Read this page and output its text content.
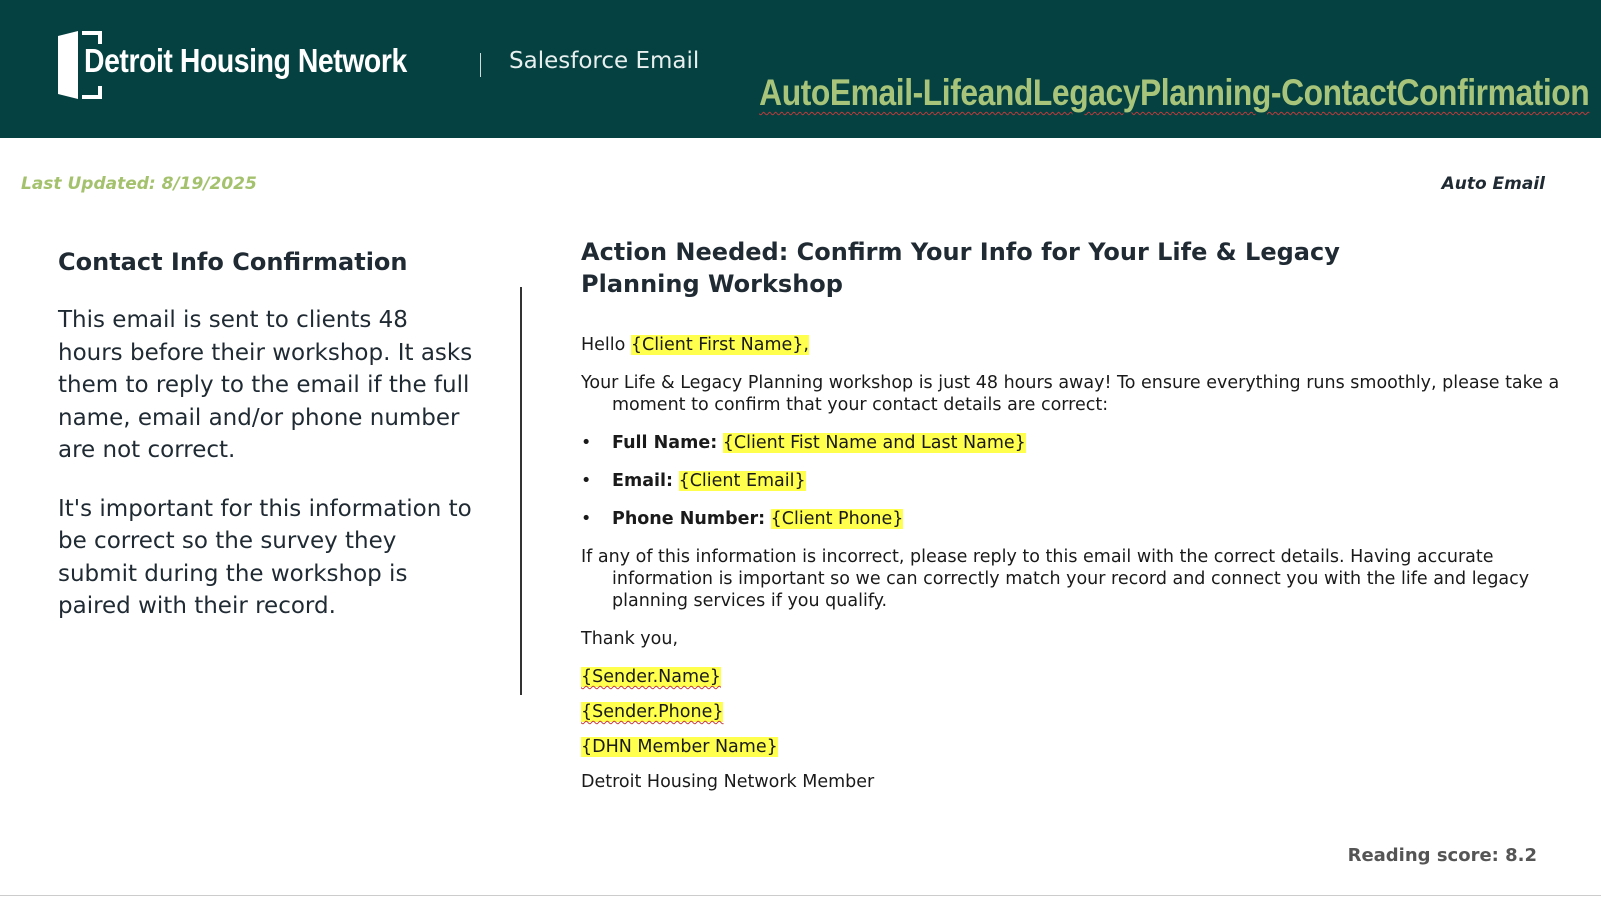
Detroit Housing Network	Salesforce Email
AutoEmail-LifeandLegacyPlanning-ContactConfirmation
Last Updated: 8/19/2025	Auto Email
Contact Info Confirmation

This email is sent to clients 48 hours before their workshop. It asks them to reply to the email if the full name, email and/or phone number are not correct.

It's important for this information to be correct so the survey they submit during the workshop is paired with their record.

Action Needed: Confirm Your Info for Your Life & Legacy Planning Workshop

Hello {Client First Name},

Your Life & Legacy Planning workshop is just 48 hours away! To ensure everything runs smoothly, please take a moment to confirm that your contact details are correct:

• Full Name: {Client Fist Name and Last Name}
• Email: {Client Email}
• Phone Number: {Client Phone}

If any of this information is incorrect, please reply to this email with the correct details. Having accurate information is important so we can correctly match your record and connect you with the life and legacy planning services if you qualify.

Thank you,

{Sender.Name}
{Sender.Phone}
{DHN Member Name}
Detroit Housing Network Member
Reading score: 8.2
